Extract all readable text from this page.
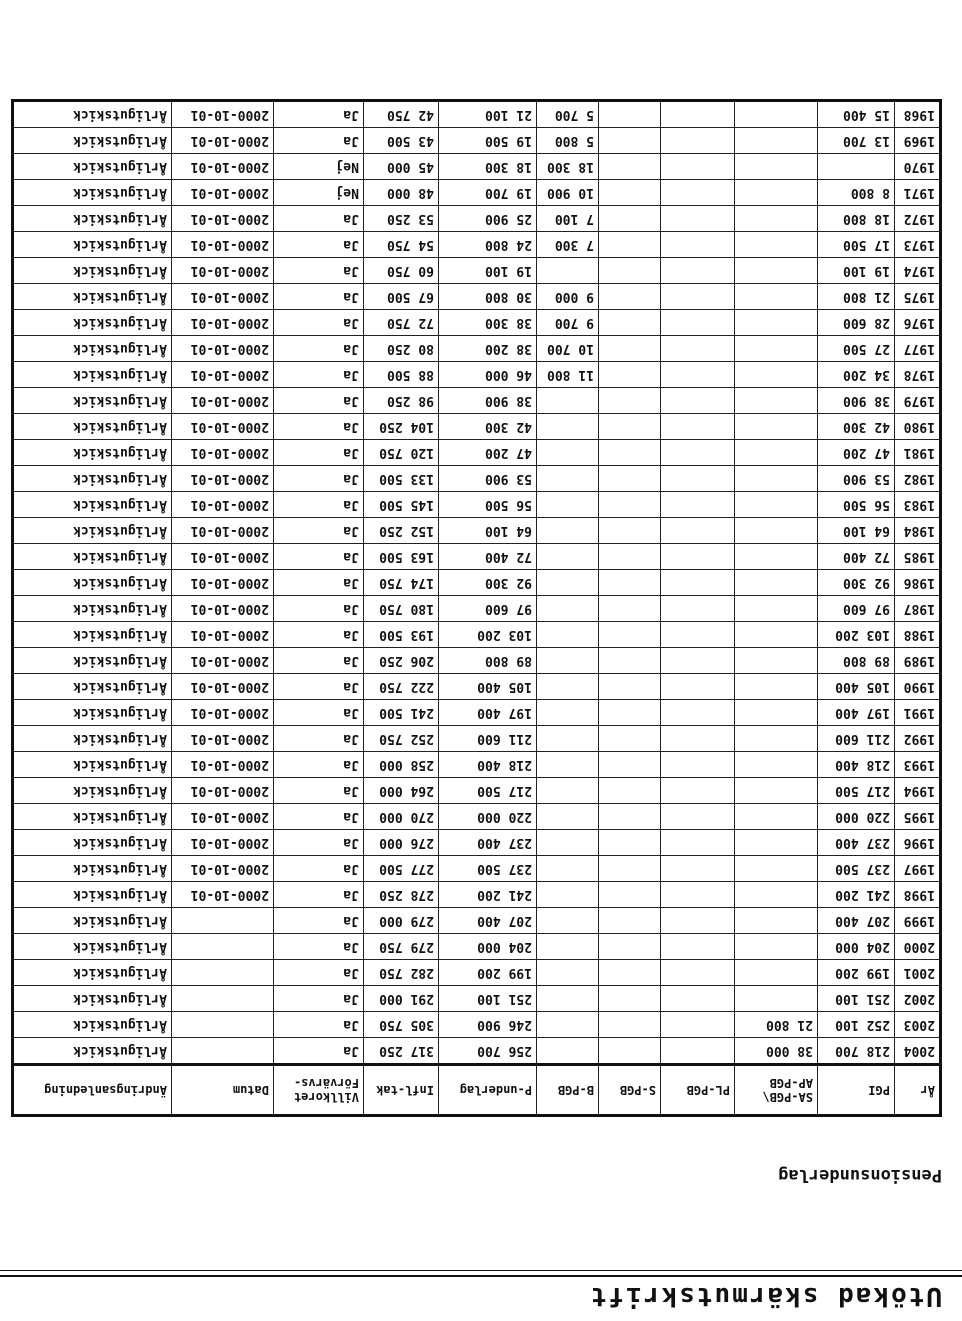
Utökad skärmutskrift
Pensionsunderlag
År	PGI	SA-PGB\ AP-PGB	PL-PGB	S-PGB	B-PGB	P-underlag	Infl-tak	Villkoret Förvärvs-	Datum	Ändringsanledning
2004	218 700	38 000				256 700	317 250	Ja		Årligutskick
2003	252 100	21 800				246 900	305 750	Ja		Årligutskick
2002	251 100					251 100	291 000	Ja		Årligutskick
2001	199 200					199 200	282 750	Ja		Årligutskick
2000	204 000					204 000	279 750	Ja		Årligutskick
1999	207 400					207 400	279 000	Ja		Årligutskick
1998	241 200					241 200	278 250	Ja	2000-10-01	Årligutskick
1997	237 500					237 500	277 500	Ja	2000-10-01	Årligutskick
1996	237 400					237 400	276 000	Ja	2000-10-01	Årligutskick
1995	220 000					220 000	270 000	Ja	2000-10-01	Årligutskick
1994	217 500					217 500	264 000	Ja	2000-10-01	Årligutskick
1993	218 400					218 400	258 000	Ja	2000-10-01	Årligutskick
1992	211 600					211 600	252 750	Ja	2000-10-01	Årligutskick
1991	197 400					197 400	241 500	Ja	2000-10-01	Årligutskick
1990	105 400					105 400	222 750	Ja	2000-10-01	Årligutskick
1989	89 800					89 800	206 250	Ja	2000-10-01	Årligutskick
1988	103 200					103 200	193 500	Ja	2000-10-01	Årligutskick
1987	97 600					97 600	180 750	Ja	2000-10-01	Årligutskick
1986	92 300					92 300	174 750	Ja	2000-10-01	Årligutskick
1985	72 400					72 400	163 500	Ja	2000-10-01	Årligutskick
1984	64 100					64 100	152 250	Ja	2000-10-01	Årligutskick
1983	56 500					56 500	145 500	Ja	2000-10-01	Årligutskick
1982	53 900					53 900	133 500	Ja	2000-10-01	Årligutskick
1981	47 200					47 200	120 750	Ja	2000-10-01	Årligutskick
1980	42 300					42 300	104 250	Ja	2000-10-01	Årligutskick
1979	38 900					38 900	98 250	Ja	2000-10-01	Årligutskick
1978	34 200				11 800	46 000	88 500	Ja	2000-10-01	Årligutskick
1977	27 500				10 700	38 200	80 250	Ja	2000-10-01	Årligutskick
1976	28 600				9 700	38 300	72 750	Ja	2000-10-01	Årligutskick
1975	21 800				9 000	30 800	67 500	Ja	2000-10-01	Årligutskick
1974	19 100					19 100	60 750	Ja	2000-10-01	Årligutskick
1973	17 500				7 300	24 800	54 750	Ja	2000-10-01	Årligutskick
1972	18 800				7 100	25 900	53 250	Ja	2000-10-01	Årligutskick
1971	8 800				10 900	19 700	48 000	Nej	2000-10-01	Årligutskick
1970					18 300	18 300	45 000	Nej	2000-10-01	Årligutskick
1969	13 700				5 800	19 500	43 500	Ja	2000-10-01	Årligutskick
1968	15 400				5 700	21 100	42 750	Ja	2000-10-01	Årligutskick
